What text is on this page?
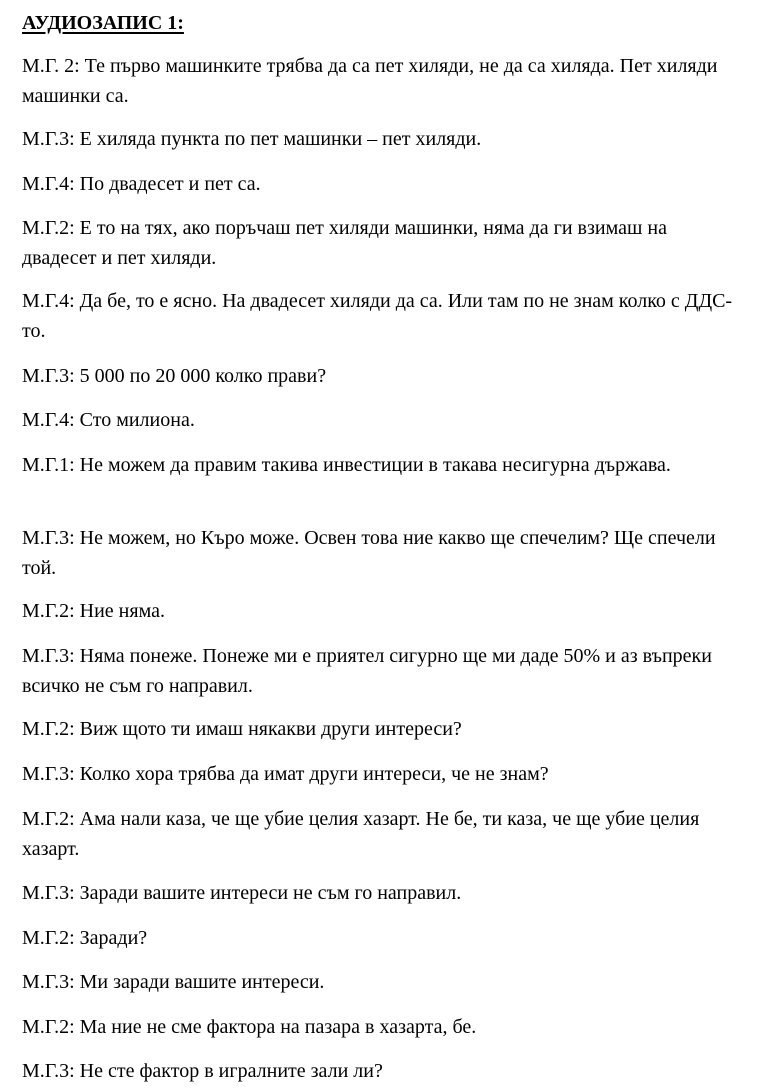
АУДИОЗАПИС 1:

М.Г. 2: Те първо машинките трябва да са пет хиляди, не да са хиляда. Пет хиляди машинки са.

М.Г.3: Е хиляда пункта по пет машинки – пет хиляди.

М.Г.4: По двадесет и пет са.

М.Г.2: Е то на тях, ако поръчаш пет хиляди машинки, няма да ги взимаш на двадесет и пет хиляди.

М.Г.4: Да бе, то е ясно. На двадесет хиляди да са. Или там по не знам колко с ДДС-то.

М.Г.3: 5 000 по 20 000 колко прави?

М.Г.4: Сто милиона.

М.Г.1: Не можем да правим такива инвестиции в такава несигурна държава.

М.Г.3: Не можем, но Къро може. Освен това ние какво ще спечелим? Ще спечели той.

М.Г.2: Ние няма.

М.Г.3: Няма понеже. Понеже ми е приятел сигурно ще ми даде 50% и аз въпреки всичко не съм го направил.

М.Г.2: Виж щото ти имаш някакви други интереси?

М.Г.3: Колко хора трябва да имат други интереси, че не знам?

М.Г.2: Ама нали каза, че ще убие целия хазарт. Не бе, ти каза, че ще убие целия хазарт.

М.Г.3: Заради вашите интереси не съм го направил.

М.Г.2: Заради?

М.Г.3: Ми заради вашите интереси.

М.Г.2: Ма ние не сме фактора на пазара в хазарта, бе.

М.Г.3: Не сте фактор в игралните зали ли?
